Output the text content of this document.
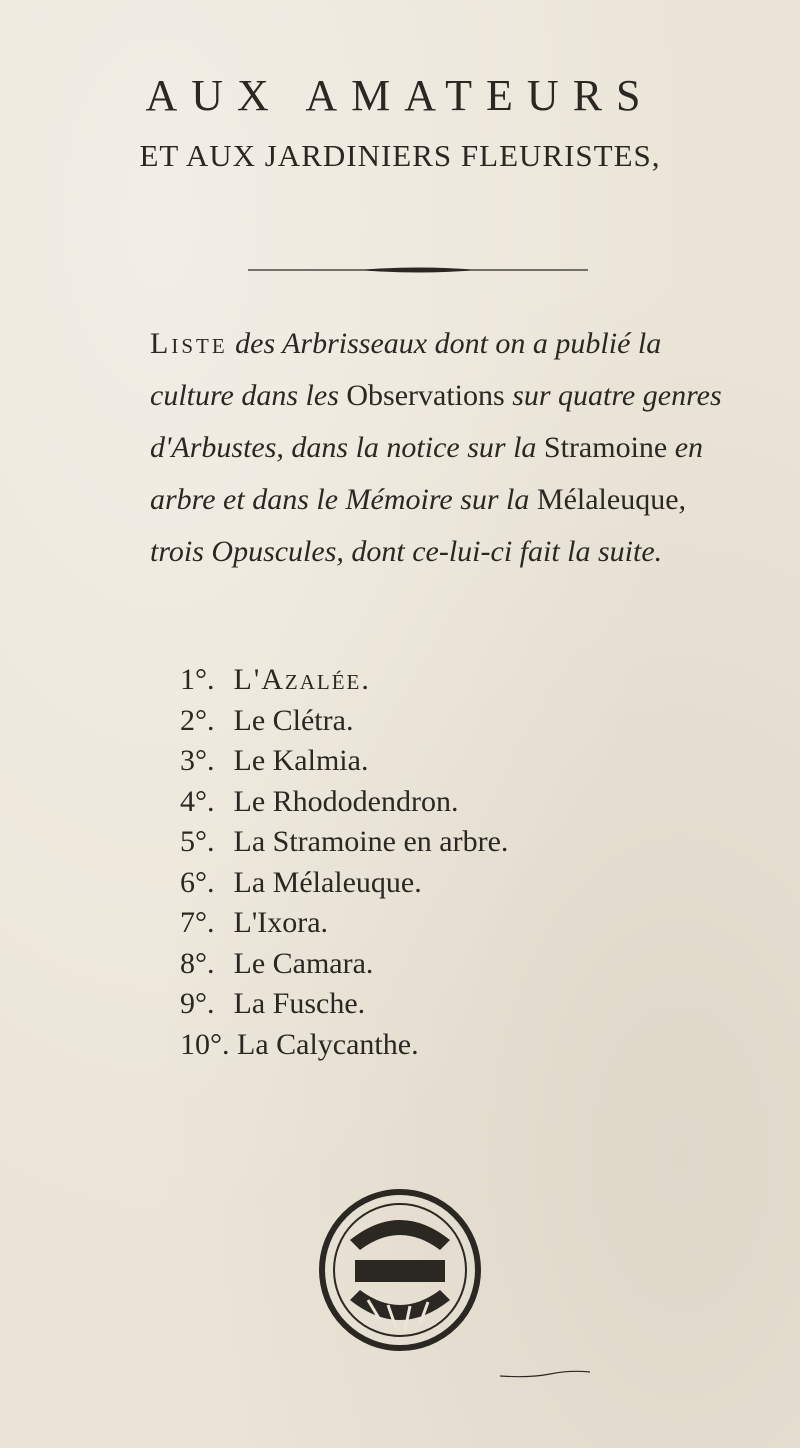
AUX AMATEURS
ET AUX JARDINIERS FLEURISTES,
Liste des Arbrisseaux dont on a publié la culture dans les Observations sur quatre genres d'Arbustes, dans la notice sur la Stramoine en arbre et dans le Mémoire sur la Mélaleuque, trois Opuscules, dont ce-lui-ci fait la suite.
1°. L'Azalée.
2°. Le Clétra.
3°. Le Kalmia.
4°. Le Rhododendron.
5°. La Stramoine en arbre.
6°. La Mélaleuque.
7°. L'Ixora.
8°. Le Camara.
9°. La Fusche.
10°. La Calycanthe.
